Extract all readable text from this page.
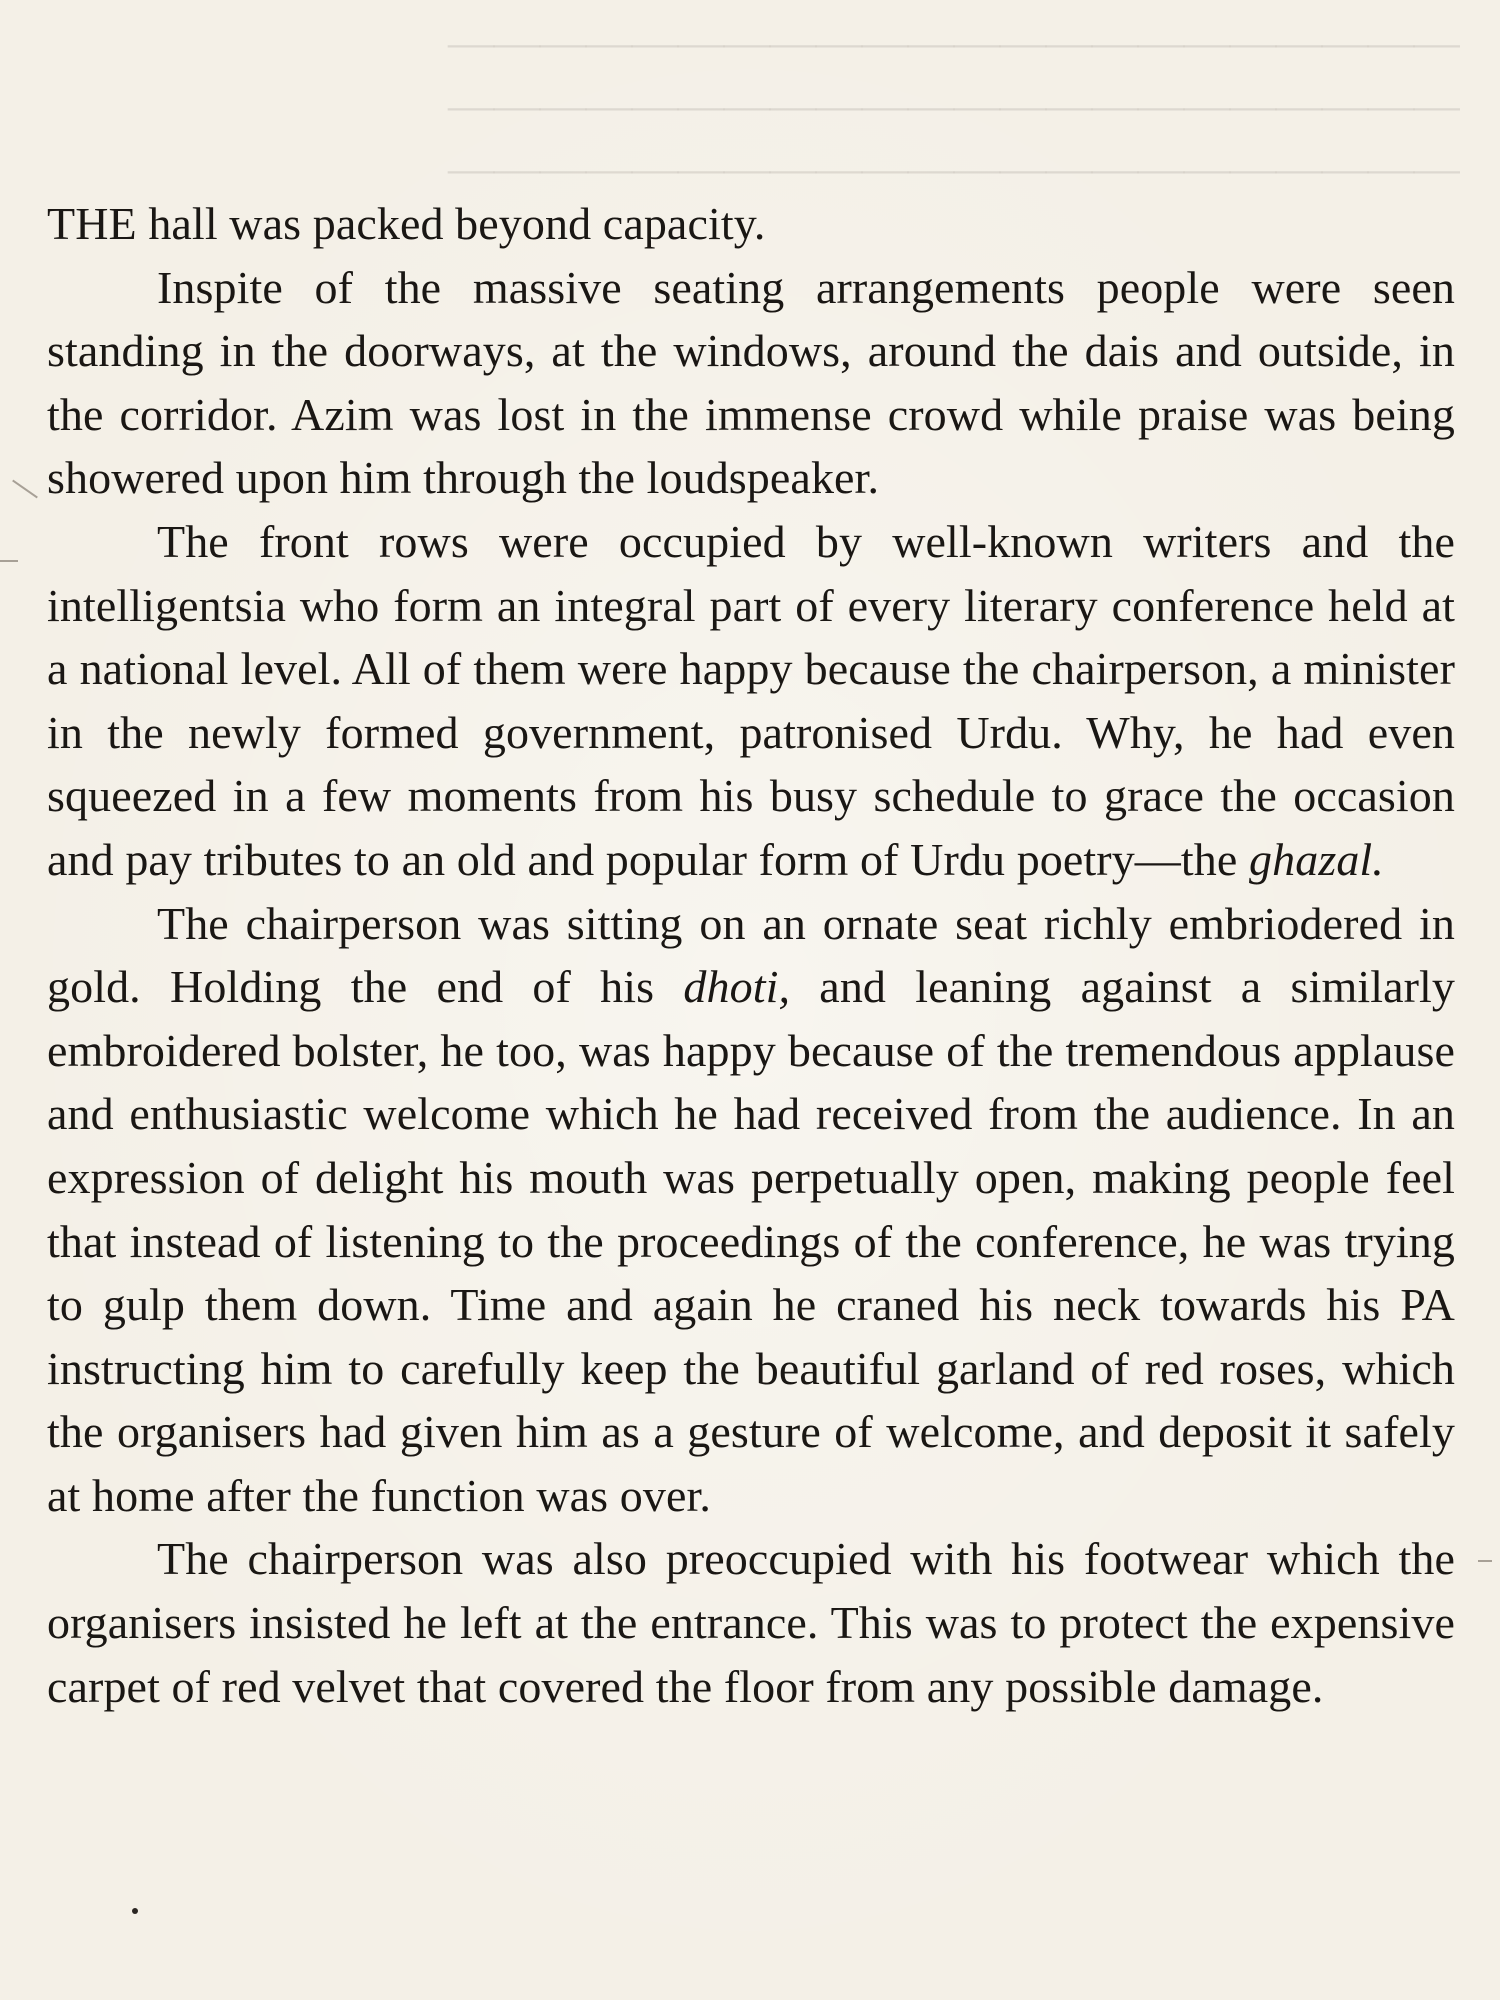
——————————————————————
——————————————————————
——————————————————————

THE hall was packed beyond capacity.

Inspite of the massive seating arrangements people were seen standing in the doorways, at the windows, around the dais and outside, in the corridor. Azim was lost in the immense crowd while praise was being showered upon him through the loudspeaker.

The front rows were occupied by well-known writers and the intelligentsia who form an integral part of every literary conference held at a national level. All of them were happy because the chairperson, a minister in the newly formed government, patronised Urdu. Why, he had even squeezed in a few moments from his busy schedule to grace the occasion and pay tributes to an old and popular form of Urdu poetry—the ghazal.

The chairperson was sitting on an ornate seat richly embriodered in gold. Holding the end of his dhoti, and leaning against a similarly embroidered bolster, he too, was happy because of the tremendous applause and enthusiastic welcome which he had received from the audience. In an expression of delight his mouth was perpetually open, making people feel that instead of listening to the proceedings of the conference, he was trying to gulp them down. Time and again he craned his neck towards his PA instructing him to carefully keep the beautiful garland of red roses, which the organisers had given him as a gesture of welcome, and deposit it safely at home after the function was over.

The chairperson was also preoccupied with his footwear which the organisers insisted he left at the entrance. This was to protect the expensive carpet of red velvet that covered the floor from any possible damage.
